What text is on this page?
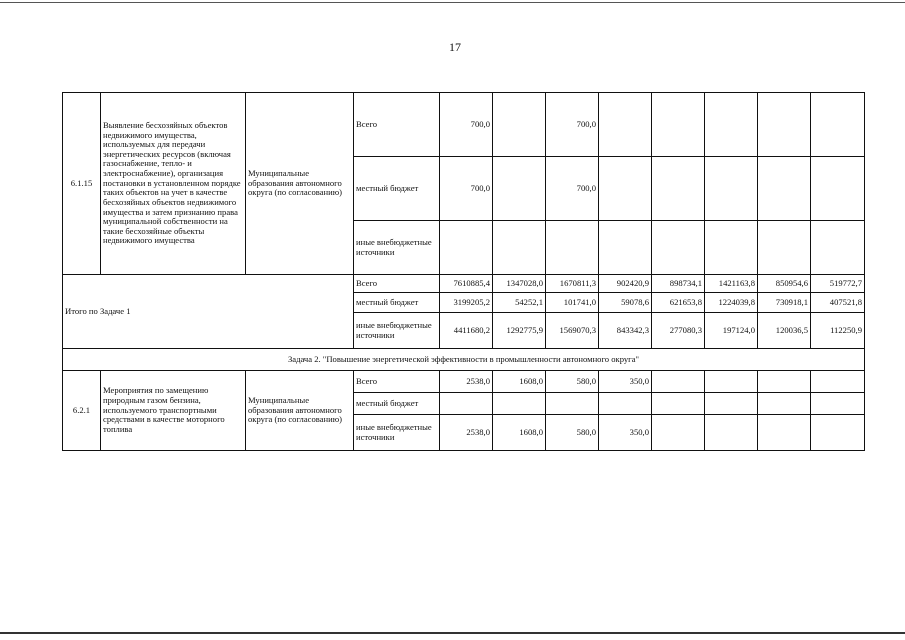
17
6.1.15	Выявление бесхозяйных объектов недвижимого имущества, используемых для передачи энергетических ресурсов (включая газоснабжение, тепло- и электроснабжение), организация постановки в установленном порядке таких объектов на учет в качестве бесхозяйных объектов недвижимого имущества и затем признанию права муниципальной собственности на такие бесхозяйные объекты недвижимого имущества	Муниципальные образования автономного округа (по согласованию)	Всего	700,0		700,0					
			местный бюджет	700,0		700,0					
			иные внебюджетные источники								
Итого по Задаче 1			Всего	7610885,4	1347028,0	1670811,3	902420,9	898734,1	1421163,8	850954,6	519772,7
			местный бюджет	3199205,2	54252,1	101741,0	59078,6	621653,8	1224039,8	730918,1	407521,8
			иные внебюджетные источники	4411680,2	1292775,9	1569070,3	843342,3	277080,3	197124,0	120036,5	112250,9
Задача 2. "Повышение энергетической эффективности в промышленности автономного округа"											
6.2.1	Мероприятия по замещению природным газом бензина, используемого транспортными средствами в качестве моторного топлива	Муниципальные образования автономного округа (по согласованию)	Всего	2538,0	1608,0	580,0	350,0				
			местный бюджет								
			иные внебюджетные источники	2538,0	1608,0	580,0	350,0				
